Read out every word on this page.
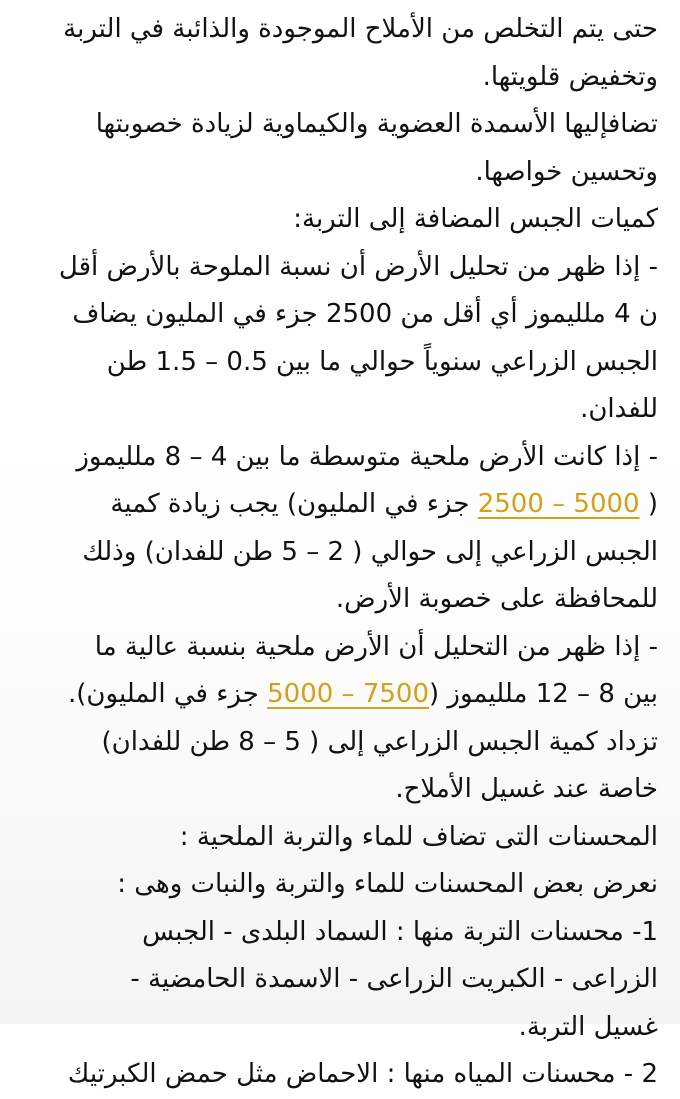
حتى يتم التخلص من الأملاح الموجودة والذائبة في التربة
وتخفيض قلويتها.
تضافإليها الأسمدة العضوية والكيماوية لزيادة خصوبتها
وتحسين خواصها.
كميات الجبس المضافة إلى التربة:
- إذا ظهر من تحليل الأرض أن نسبة الملوحة بالأرض أقل
ن 4 ملليموز أي أقل من 2500 جزء في المليون يضاف
الجبس الزراعي سنوياً حوالي ما بين 0.5 – 1.5 طن
للفدان.
- إذا كانت الأرض ملحية متوسطة ما بين 4 – 8 ملليموز
( 2500 – 5000 جزء في المليون) يجب زيادة كمية
الجبس الزراعي إلى حوالي ( 2 – 5 طن للفدان) وذلك
للمحافظة على خصوبة الأرض.
- إذا ظهر من التحليل أن الأرض ملحية بنسبة عالية ما
بين 8 – 12 ملليموز (5000 – 7500 جزء في المليون).
تزداد كمية الجبس الزراعي إلى ( 5 – 8 طن للفدان)
خاصة عند غسيل الأملاح.
المحسنات التى تضاف للماء والتربة الملحية :
نعرض بعض المحسنات للماء والتربة والنبات وهى :
1- محسنات التربة منها : السماد البلدى - الجبس
الزراعى - الكبريت الزراعى - الاسمدة الحامضية -
غسيل التربة.
2 - محسنات المياه منها : الاحماض مثل حمض الكبرتيك
